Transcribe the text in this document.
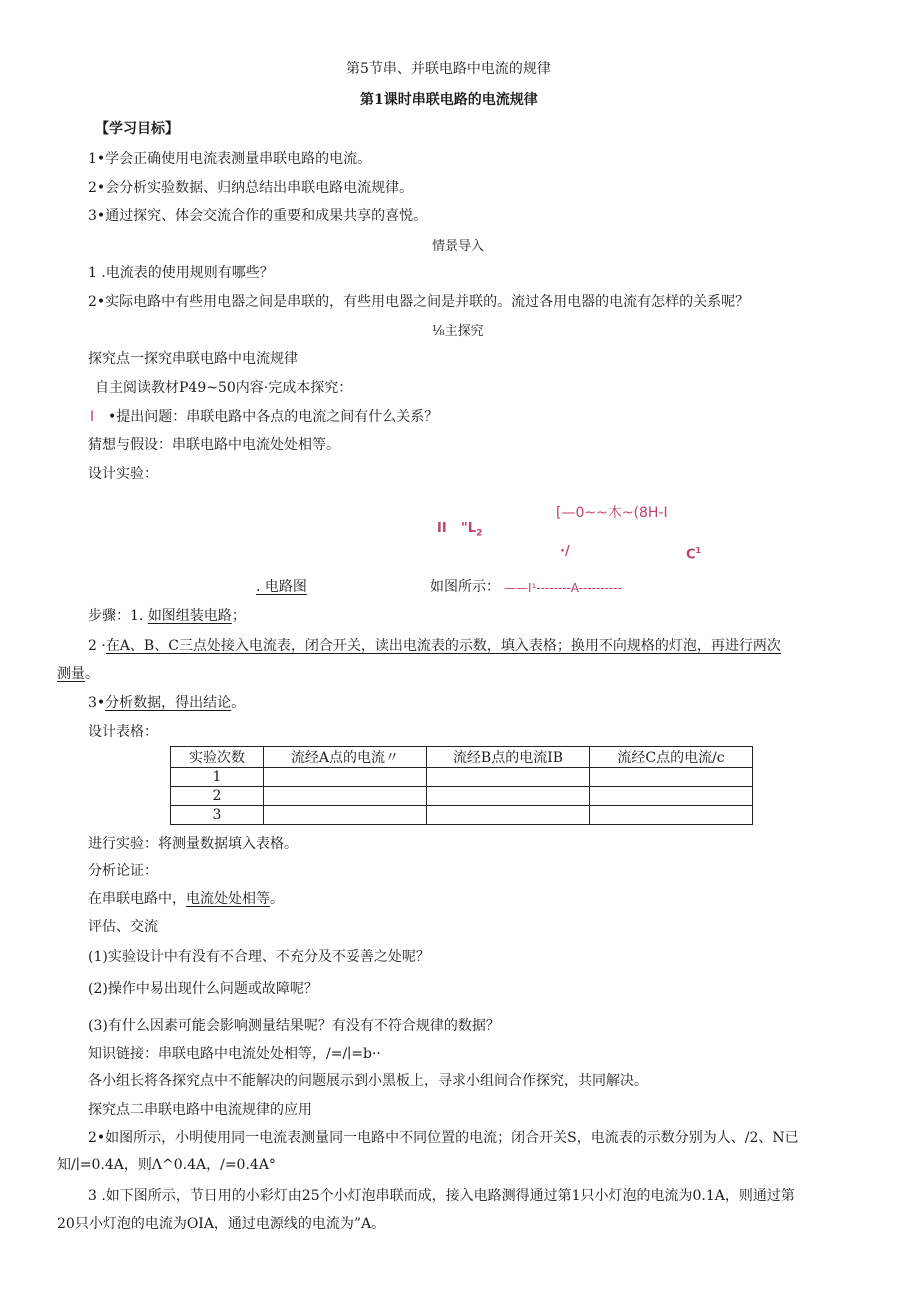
第5节串、并联电路中电流的规律
第1课时串联电路的电流规律
【学习目标】
1•学会正确使用电流表测量串联电路的电流。
2•会分析实验数据、归纳总结出串联电路电流规律。
3•通过探究、体会交流合作的重要和成果共享的喜悦。
情景导入
1 .电流表的使用规则有哪些？
2•实际电路中有些用电器之间是串联的，有些用电器之间是并联的。流过各用电器的电流有怎样的关系呢？
⅛主探究
探究点一探究串联电路中电流规律
自主阅读教材P49~50内容·完成本探究：
I •提出问题：串联电路中各点的电流之间有什么关系？
猜想与假设：串联电路中电流处处相等。
设计实验：
[—0~~木~(8H-I
II "$L_2$
·/	$C^1$
. 电路图	如图所示： ——I¹--------A----------
步骤：1. 如图组装电路；
2 ·在A、B、C三点处接入电流表，闭合开关，读出电流表的示数，填入表格；换用不向规格的灯泡，再进行两次
测量。
3•分析数据，得出结论。
设计表格：
实验次数	流经A点的电流〃	流经B点的电流IB	流经C点的电流/c
1			
2			
3			
进行实验：将测量数据填入表格。
分析论证：
在串联电路中，电流处处相等。
评估、交流
(1)实验设计中有没有不合理、不充分及不妥善之处呢？
(2)操作中易出现什么问题或故障呢？
(3)有什么因素可能会影响测量结果呢？有没有不符合规律的数据？
知识链接：串联电路中电流处处相等，/=/∣=b··
各小组长将各探究点中不能解决的问题展示到小黑板上，寻求小组间合作探究，共同解决。
探究点二串联电路中电流规律的应用
2•如图所示，小明使用同一电流表测量同一电路中不同位置的电流；闭合开关S，电流表的示数分别为人、/2、N已
知/∣=0.4A，则Λ^0.4A，/=0.4A°
3 .如下图所示，节日用的小彩灯由25个小灯泡串联而成，接入电路测得通过第1只小灯泡的电流为0.1A，则通过第
20只小灯泡的电流为OIA，通过电源线的电流为”A。
